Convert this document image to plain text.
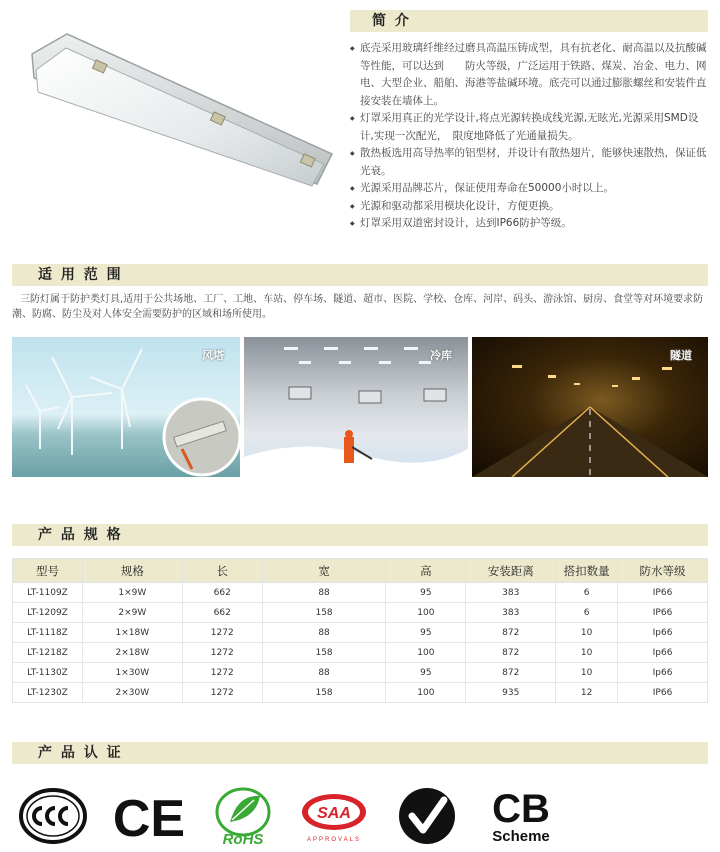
简 介
◆ 底壳采用玻璃纤维经过磨具高温压铸成型，具有抗老化、耐高温以及抗酸碱等性能，可以达到　　防火等级，广泛运用于铁路、煤炭、冶金、电力、网电、大型企业、船舶、海港等盐碱环境。底壳可以通过膨胀螺丝和安装件直接安装在墙体上。
◆ 灯罩采用真正的光学设计,将点光源转换成线光源,无眩光,光源采用SMD设计,实现一次配光，　限度地降低了光通量损失。
◆ 散热板选用高导热率的铝型材，并设计有散热翅片，能够快速散热，保证低光衰。
◆ 光源采用品牌芯片，保证使用寿命在50000小时以上。
◆ 光源和驱动都采用模块化设计，方便更换。
◆ 灯罩采用双道密封设计，达到IP66防护等级。
适 用 范 围

三防灯属于防护类灯具,适用于公共场地、工厂、工地、车站、停车场、隧道、超市、医院、学校、仓库、河岸、码头、游泳馆、厨房、食堂等对环境要求防潮、防腐、防尘及对人体安全需要防护的区域和场所使用。

风塔	冷库	隧道
产 品 规 格
型号	规格	长	宽	高	安装距离	搭扣数量	防水等级
LT-1109Z	1×9W	662	88	95	383	6	IP66
LT-1209Z	2×9W	662	158	100	383	6	IP66
LT-1118Z	1×18W	1272	88	95	872	10	Ip66
LT-1218Z	2×18W	1272	158	100	872	10	Ip66
LT-1130Z	1×30W	1272	88	95	872	10	Ip66
LT-1230Z	2×30W	1272	158	100	935	12	IP66
产 品 认 证
CE RoHS
SAA
APPROVALS
CB
Scheme
